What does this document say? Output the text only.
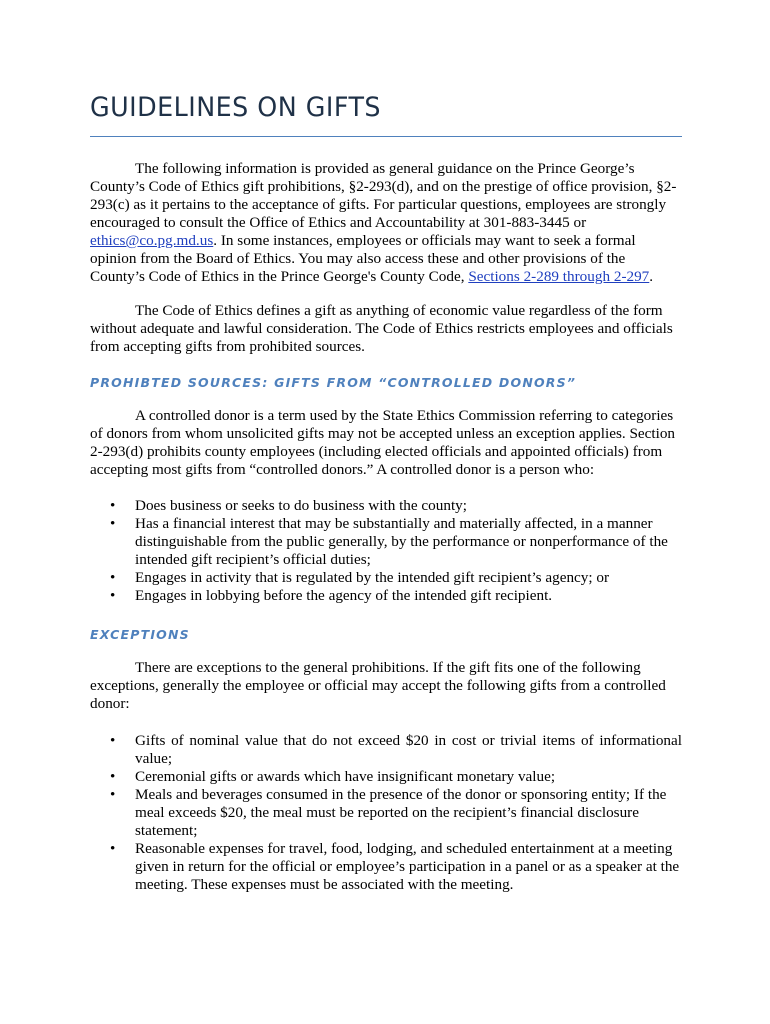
GUIDELINES ON GIFTS

The following information is provided as general guidance on the Prince George’s
County’s Code of Ethics gift prohibitions, §2-293(d), and on the prestige of office provision, §2-
293(c) as it pertains to the acceptance of gifts. For particular questions, employees are strongly
encouraged to consult the Office of Ethics and Accountability at 301-883-3445 or
ethics@co.pg.md.us. In some instances, employees or officials may want to seek a formal
opinion from the Board of Ethics. You may also access these and other provisions of the
County’s Code of Ethics in the Prince George's County Code, Sections 2-289 through 2-297.

The Code of Ethics defines a gift as anything of economic value regardless of the form
without adequate and lawful consideration. The Code of Ethics restricts employees and officials
from accepting gifts from prohibited sources.

PROHIBTED SOURCES: GIFTS FROM “CONTROLLED DONORS”

A controlled donor is a term used by the State Ethics Commission referring to categories
of donors from whom unsolicited gifts may not be accepted unless an exception applies. Section
2-293(d) prohibits county employees (including elected officials and appointed officials) from
accepting most gifts from “controlled donors.” A controlled donor is a person who:

• Does business or seeks to do business with the county;
• Has a financial interest that may be substantially and materially affected, in a manner
distinguishable from the public generally, by the performance or nonperformance of the
intended gift recipient’s official duties;
• Engages in activity that is regulated by the intended gift recipient’s agency; or
• Engages in lobbying before the agency of the intended gift recipient.
EXCEPTIONS

There are exceptions to the general prohibitions. If the gift fits one of the following
exceptions, generally the employee or official may accept the following gifts from a controlled
donor:

• Gifts of nominal value that do not exceed $20 in cost or trivial items of informational
value;
• Ceremonial gifts or awards which have insignificant monetary value;
• Meals and beverages consumed in the presence of the donor or sponsoring entity; If the
meal exceeds $20, the meal must be reported on the recipient’s financial disclosure
statement;
• Reasonable expenses for travel, food, lodging, and scheduled entertainment at a meeting
given in return for the official or employee’s participation in a panel or as a speaker at the
meeting. These expenses must be associated with the meeting.
